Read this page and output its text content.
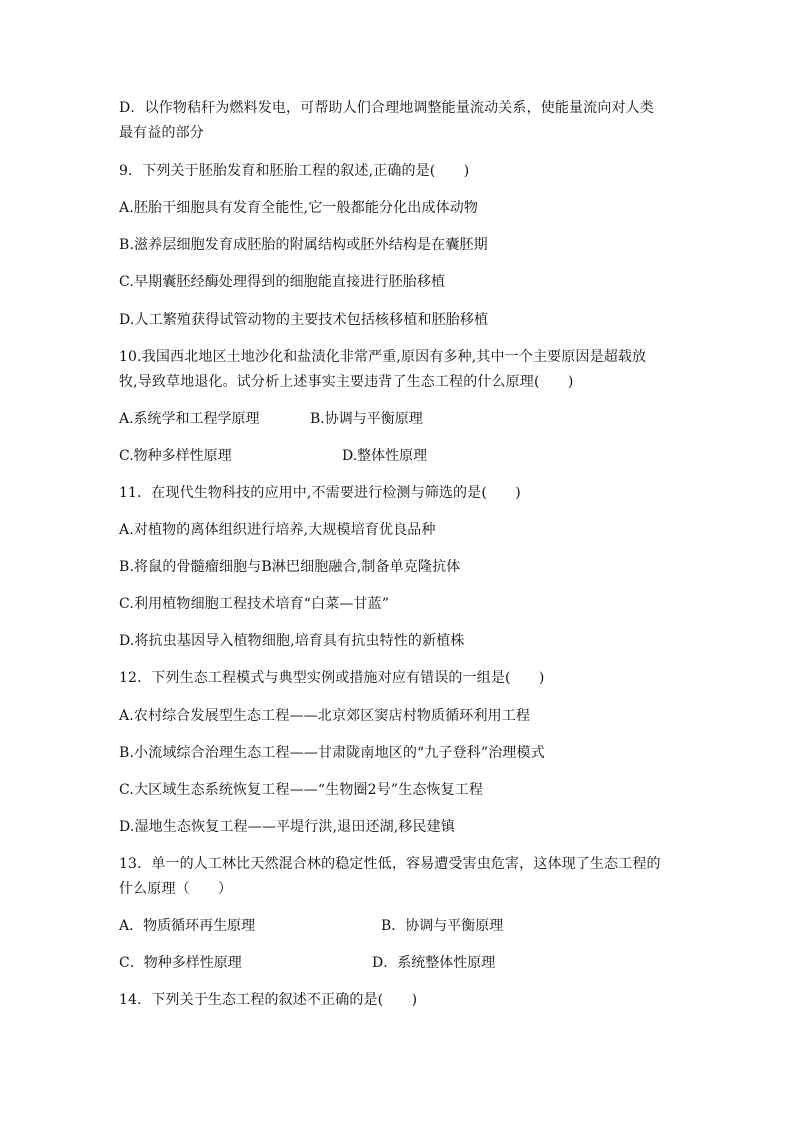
D．以作物秸秆为燃料发电，可帮助人们合理地调整能量流动关系，使能量流向对人类

最有益的部分

9．下列关于胚胎发育和胚胎工程的叙述,正确的是(　　)

A.胚胎干细胞具有发育全能性,它一般都能分化出成体动物

B.滋养层细胞发育成胚胎的附属结构或胚外结构是在囊胚期

C.早期囊胚经酶处理得到的细胞能直接进行胚胎移植

D.人工繁殖获得试管动物的主要技术包括核移植和胚胎移植

10.我国西北地区土地沙化和盐渍化非常严重,原因有多种,其中一个主要原因是超载放

牧,导致草地退化。试分析上述事实主要违背了生态工程的什么原理(　　)

A.系统学和工程学原理	B.协调与平衡原理
C.物种多样性原理	D.整体性原理

11．在现代生物科技的应用中,不需要进行检测与筛选的是(　　)

A.对植物的离体组织进行培养,大规模培育优良品种

B.将鼠的骨髓瘤细胞与B淋巴细胞融合,制备单克隆抗体

C.利用植物细胞工程技术培育“白菜—甘蓝”

D.将抗虫基因导入植物细胞,培育具有抗虫特性的新植株

12．下列生态工程模式与典型实例或措施对应有错误的一组是(　　)

A.农村综合发展型生态工程——北京郊区窦店村物质循环利用工程

B.小流域综合治理生态工程——甘肃陇南地区的“九子登科”治理模式

C.大区域生态系统恢复工程——“生物圈2号”生态恢复工程

D.湿地生态恢复工程——平堤行洪,退田还湖,移民建镇

13．单一的人工林比天然混合林的稳定性低，容易遭受害虫危害，这体现了生态工程的

什么原理（　　）

A．物质循环再生原理	B．协调与平衡原理
C．物种多样性原理	D．系统整体性原理

14．下列关于生态工程的叙述不正确的是(　　)
